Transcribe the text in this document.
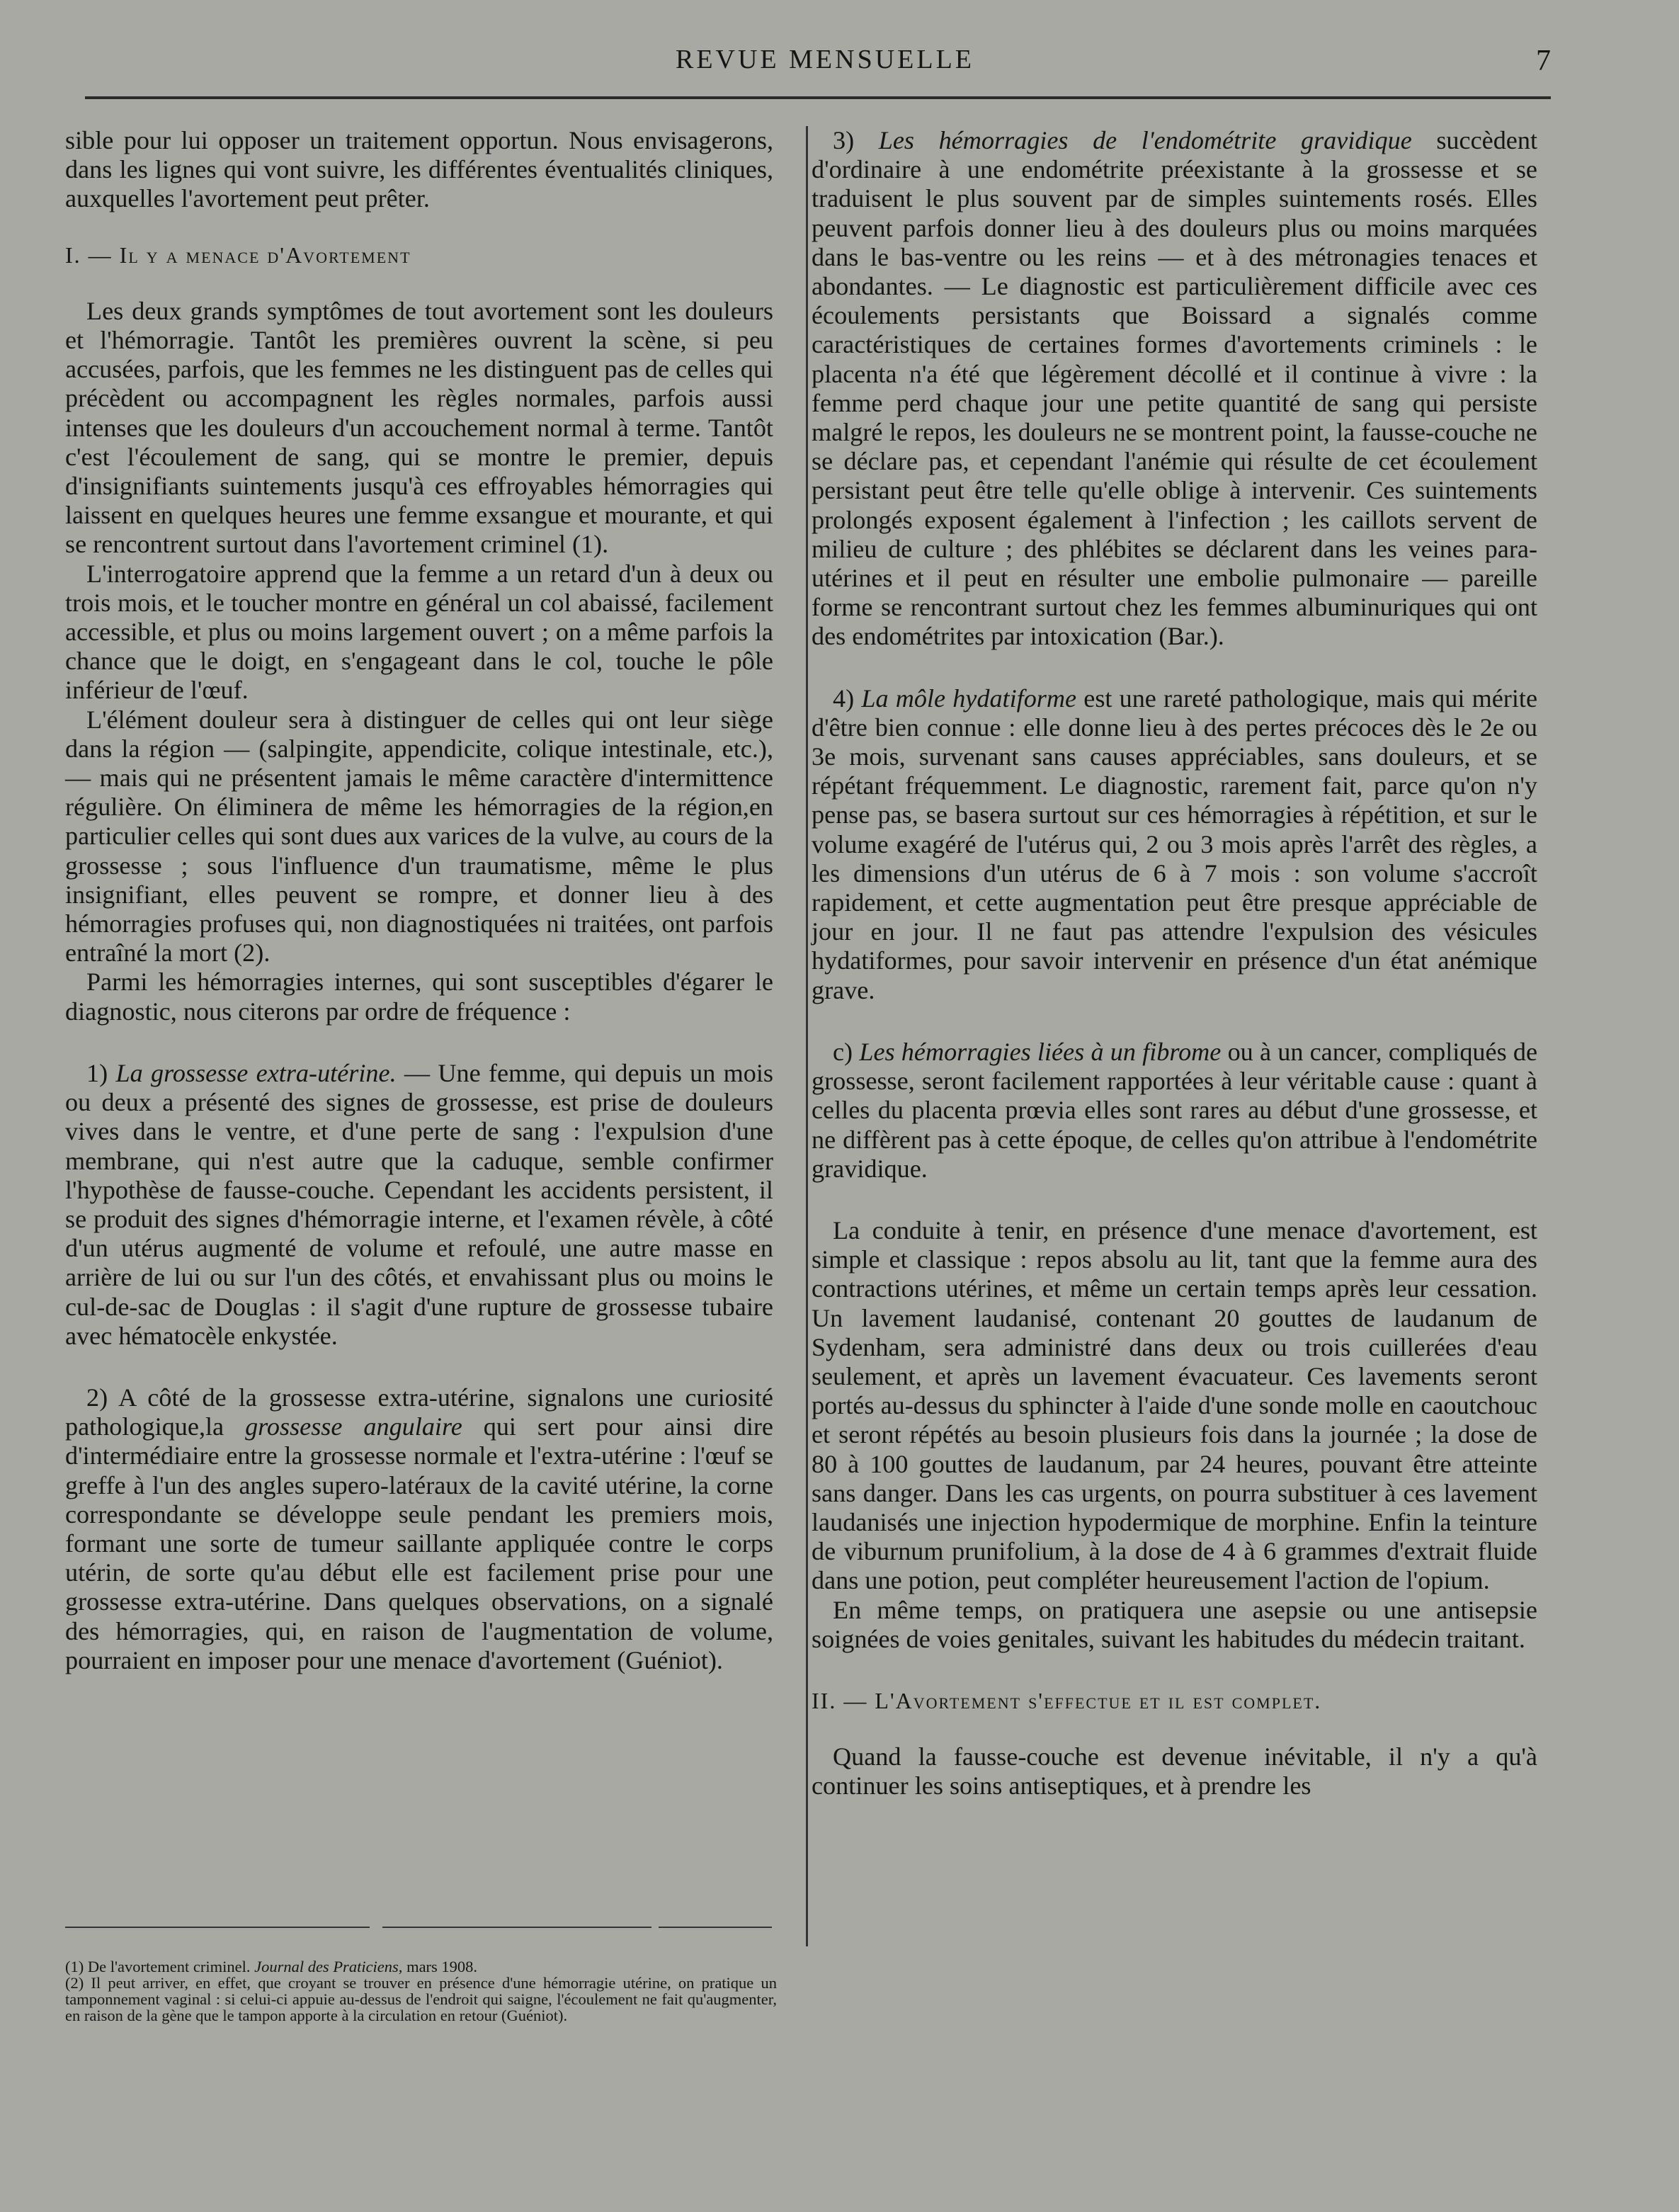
REVUE MENSUELLE	7

sible pour lui opposer un traitement opportun. Nous envisagerons, dans les lignes qui vont suivre, les différentes éventualités cliniques, auxquelles l'avortement peut prêter.

I. — Il y a menace d'Avortement

Les deux grands symptômes de tout avortement sont les douleurs et l'hémorragie. Tantôt les premières ouvrent la scène, si peu accusées, parfois, que les femmes ne les distinguent pas de celles qui précèdent ou accompagnent les règles normales, parfois aussi intenses que les douleurs d'un accouchement normal à terme. Tantôt c'est l'écoulement de sang, qui se montre le premier, depuis d'insignifiants suintements jusqu'à ces effroyables hémorragies qui laissent en quelques heures une femme exsangue et mourante, et qui se rencontrent surtout dans l'avortement criminel (1).

L'interrogatoire apprend que la femme a un retard d'un à deux ou trois mois, et le toucher montre en général un col abaissé, facilement accessible, et plus ou moins largement ouvert ; on a même parfois la chance que le doigt, en s'engageant dans le col, touche le pôle inférieur de l'œuf.

L'élément douleur sera à distinguer de celles qui ont leur siège dans la région — (salpingite, appendicite, colique intestinale, etc.), — mais qui ne présentent jamais le même caractère d'intermittence régulière. On éliminera de même les hémorragies de la région,en particulier celles qui sont dues aux varices de la vulve, au cours de la grossesse ; sous l'influence d'un traumatisme, même le plus insignifiant, elles peuvent se rompre, et donner lieu à des hémorragies profuses qui, non diagnostiquées ni traitées, ont parfois entraîné la mort (2).

Parmi les hémorragies internes, qui sont susceptibles d'égarer le diagnostic, nous citerons par ordre de fréquence :

1) La grossesse extra-utérine. — Une femme, qui depuis un mois ou deux a présenté des signes de grossesse, est prise de douleurs vives dans le ventre, et d'une perte de sang : l'expulsion d'une membrane, qui n'est autre que la caduque, semble confirmer l'hypothèse de fausse-couche. Cependant les accidents persistent, il se produit des signes d'hémorragie interne, et l'examen révèle, à côté d'un utérus augmenté de volume et refoulé, une autre masse en arrière de lui ou sur l'un des côtés, et envahissant plus ou moins le cul-de-sac de Douglas : il s'agit d'une rupture de grossesse tubaire avec hématocèle enkystée.

2) A côté de la grossesse extra-utérine, signalons une curiosité pathologique,la grossesse angulaire qui sert pour ainsi dire d'intermédiaire entre la grossesse normale et l'extra-utérine : l'œuf se greffe à l'un des angles supero-latéraux de la cavité utérine, la corne correspondante se développe seule pendant les premiers mois, formant une sorte de tumeur saillante appliquée contre le corps utérin, de sorte qu'au début elle est facilement prise pour une grossesse extra-utérine. Dans quelques observations, on a signalé des hémorragies, qui, en raison de l'augmentation de volume, pourraient en imposer pour une menace d'avortement (Guéniot).

3) Les hémorragies de l'endométrite gravidique succèdent d'ordinaire à une endométrite préexistante à la grossesse et se traduisent le plus souvent par de simples suintements rosés. Elles peuvent parfois donner lieu à des douleurs plus ou moins marquées dans le bas-ventre ou les reins — et à des métronagies tenaces et abondantes. — Le diagnostic est particulièrement difficile avec ces écoulements persistants que Boissard a signalés comme caractéristiques de certaines formes d'avortements criminels : le placenta n'a été que légèrement décollé et il continue à vivre : la femme perd chaque jour une petite quantité de sang qui persiste malgré le repos, les douleurs ne se montrent point, la fausse-couche ne se déclare pas, et cependant l'anémie qui résulte de cet écoulement persistant peut être telle qu'elle oblige à intervenir. Ces suintements prolongés exposent également à l'infection ; les caillots servent de milieu de culture ; des phlébites se déclarent dans les veines para-utérines et il peut en résulter une embolie pulmonaire — pareille forme se rencontrant surtout chez les femmes albuminuriques qui ont des endométrites par intoxication (Bar.).

4) La môle hydatiforme est une rareté pathologique, mais qui mérite d'être bien connue : elle donne lieu à des pertes précoces dès le 2e ou 3e mois, survenant sans causes appréciables, sans douleurs, et se répétant fréquemment. Le diagnostic, rarement fait, parce qu'on n'y pense pas, se basera surtout sur ces hémorragies à répétition, et sur le volume exagéré de l'utérus qui, 2 ou 3 mois après l'arrêt des règles, a les dimensions d'un utérus de 6 à 7 mois : son volume s'accroît rapidement, et cette augmentation peut être presque appréciable de jour en jour. Il ne faut pas attendre l'expulsion des vésicules hydatiformes, pour savoir intervenir en présence d'un état anémique grave.

c) Les hémorragies liées à un fibrome ou à un cancer, compliqués de grossesse, seront facilement rapportées à leur véritable cause : quant à celles du placenta prœvia elles sont rares au début d'une grossesse, et ne diffèrent pas à cette époque, de celles qu'on attribue à l'endométrite gravidique.

La conduite à tenir, en présence d'une menace d'avortement, est simple et classique : repos absolu au lit, tant que la femme aura des contractions utérines, et même un certain temps après leur cessation. Un lavement laudanisé, contenant 20 gouttes de laudanum de Sydenham, sera administré dans deux ou trois cuillerées d'eau seulement, et après un lavement évacuateur. Ces lavements seront portés au-dessus du sphincter à l'aide d'une sonde molle en caoutchouc et seront répétés au besoin plusieurs fois dans la journée ; la dose de 80 à 100 gouttes de laudanum, par 24 heures, pouvant être atteinte sans danger. Dans les cas urgents, on pourra substituer à ces lavement laudanisés une injection hypodermique de morphine. Enfin la teinture de viburnum prunifolium, à la dose de 4 à 6 grammes d'extrait fluide dans une potion, peut compléter heureusement l'action de l'opium.

En même temps, on pratiquera une asepsie ou une antisepsie soignées de voies genitales, suivant les habitudes du médecin traitant.

II. — L'Avortement s'effectue et il est complet.

Quand la fausse-couche est devenue inévitable, il n'y a qu'à continuer les soins antiseptiques, et à prendre les

(1) De l'avortement criminel. Journal des Praticiens, mars 1908.

(2) Il peut arriver, en effet, que croyant se trouver en présence d'une hémorragie utérine, on pratique un tamponnement vaginal : si celui-ci appuie au-dessus de l'endroit qui saigne, l'écoulement ne fait qu'augmenter, en raison de la gène que le tampon apporte à la circulation en retour (Guéniot).
